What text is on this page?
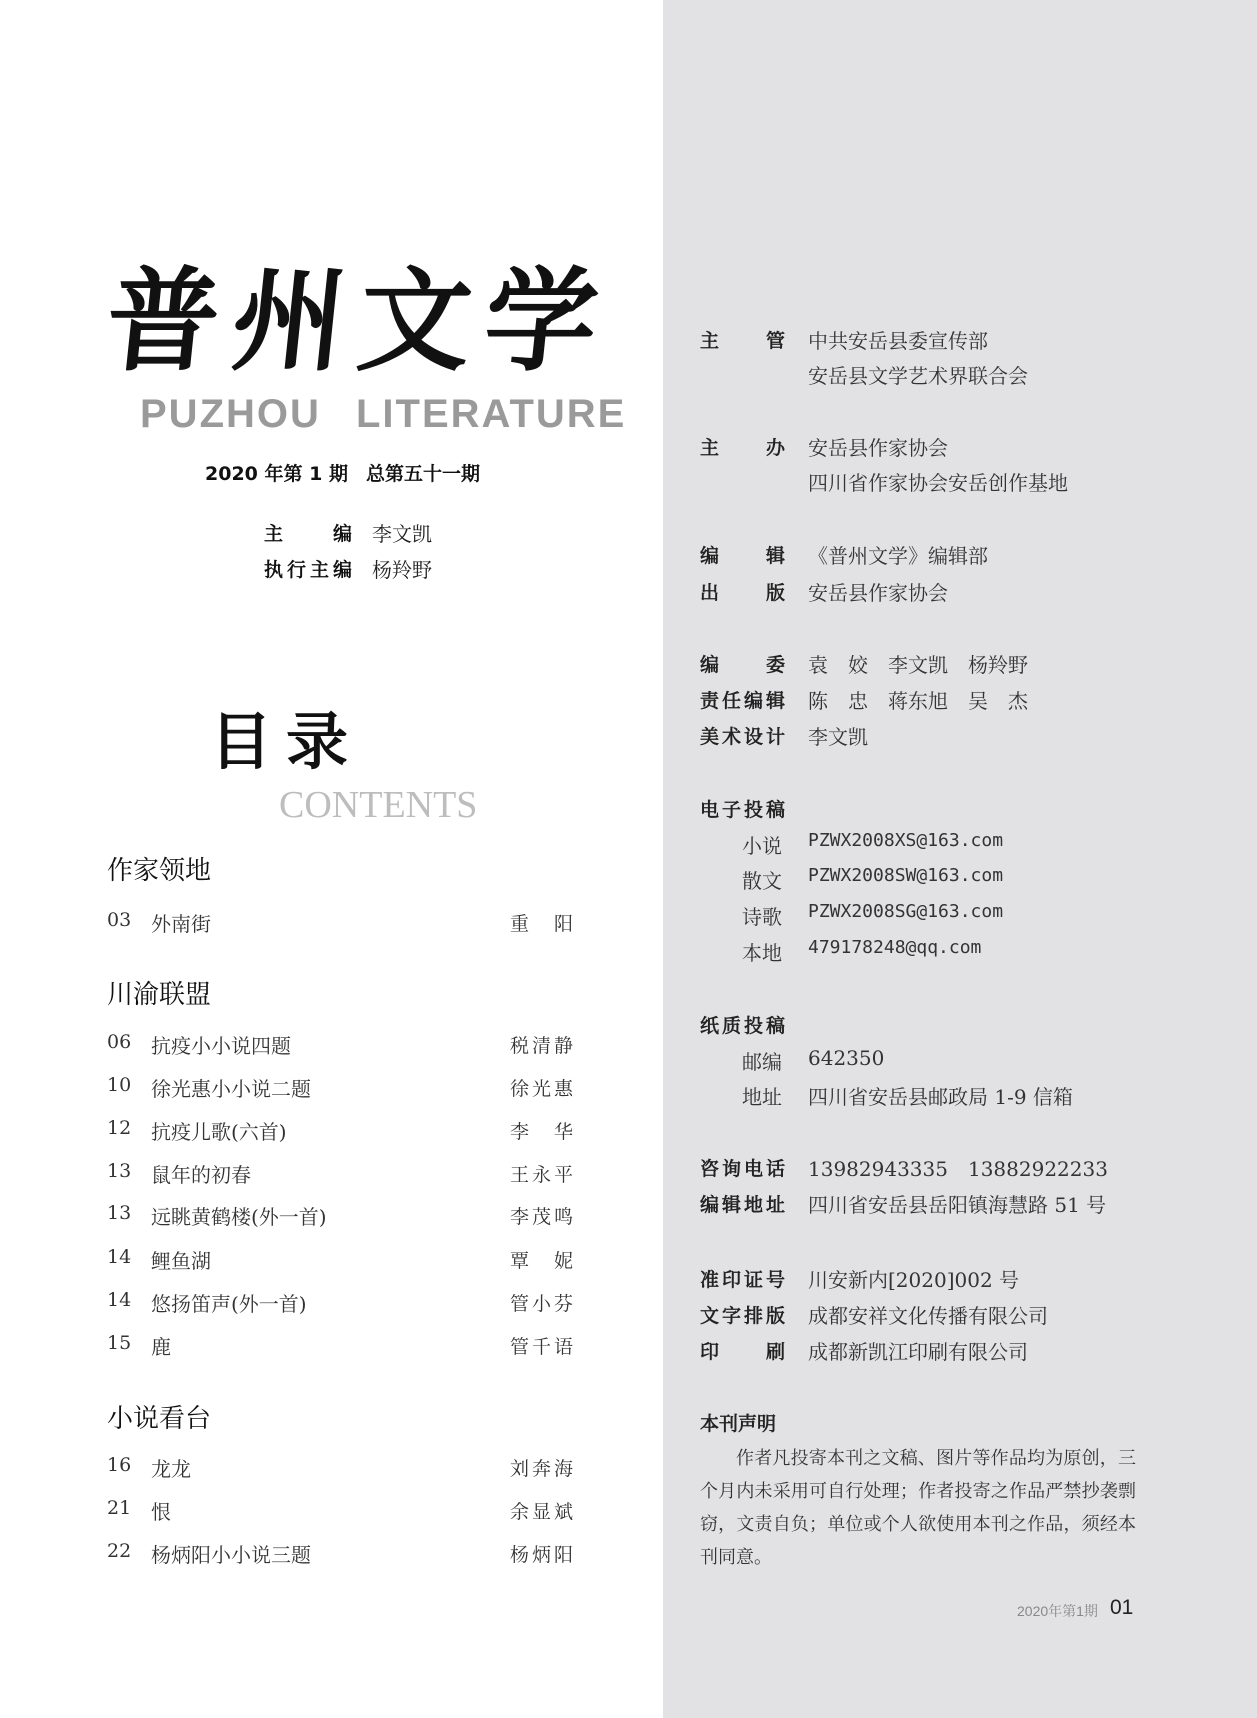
普州文学
PUZHOU LITERATURE
2020 年第 1 期 总第五十一期
主编 李文凯
执行主编 杨羚野
目录
CONTENTS
作家领地
03 外南街	重阳
川渝联盟
06 抗疫小小说四题	税清静
10 徐光惠小小说二题	徐光惠
12 抗疫儿歌(六首)	李华
13 鼠年的初春	王永平
13 远眺黄鹤楼(外一首)	李茂鸣
14 鲤鱼湖	覃妮
14 悠扬笛声(外一首)	管小芬
15 鹿	管千语
小说看台
16 龙龙	刘奔海
21 恨	余显斌
22 杨炳阳小小说三题	杨炳阳
主管 中共安岳县委宣传部
安岳县文学艺术界联合会
主办 安岳县作家协会
四川省作家协会安岳创作基地
编辑 《普州文学》编辑部
出版 安岳县作家协会
编委 袁　姣　李文凯　杨羚野
责任编辑 陈　忠　蒋东旭　吴　杰
美术设计 李文凯
电子投稿
小说 PZWX2008XS@163.com
散文 PZWX2008SW@163.com
诗歌 PZWX2008SG@163.com
本地 479178248@qq.com
纸质投稿
邮编 642350
地址 四川省安岳县邮政局 1-9 信箱
咨询电话 13982943335　13882922233
编辑地址 四川省安岳县岳阳镇海慧路 51 号
准印证号 川安新内[2020]002 号
文字排版 成都安祥文化传播有限公司
印刷 成都新凯江印刷有限公司
本刊声明
作者凡投寄本刊之文稿、图片等作品均为原创，三个月内未采用可自行处理；作者投寄之作品严禁抄袭剽窃，文责自负；单位或个人欲使用本刊之作品，须经本刊同意。
2020年第1期 01
